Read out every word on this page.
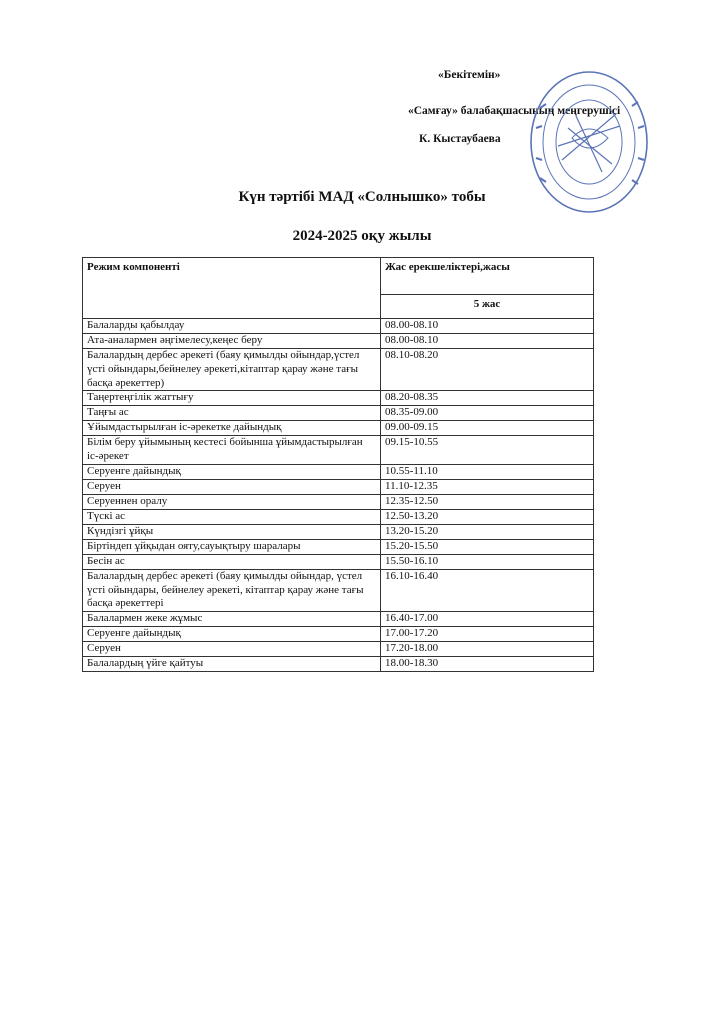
«Бекітемін»
«Самғау» балабақшасының меңгерушісі
К. Кыстаубаева
Күн тәртібі МАД «Солнышко» тобы
2024-2025 оқу жылы
Режим компоненті	Жас ерекшеліктері,жасы
	5 жас
Балаларды қабылдау	08.00-08.10
Ата-аналармен әңгімелесу,кеңес беру	08.00-08.10
Балалардың дербес әрекеті (баяу қимылды ойындар,үстел үсті ойындары,бейнелеу әрекеті,кітаптар қарау және тағы басқа әрекеттер)	08.10-08.20
Таңертеңгілік жаттығу	08.20-08.35
Таңғы ас	08.35-09.00
Ұйымдастырылған іс-әрекетке дайындық	09.00-09.15
Білім беру ұйымының кестесі бойынша ұйымдастырылған іс-әрекет	09.15-10.55
Серуенге дайындық	10.55-11.10
Серуен	11.10-12.35
Серуеннен оралу	12.35-12.50
Түскі ас	12.50-13.20
Күндізгі ұйқы	13.20-15.20
Біртіндеп ұйқыдан ояту,сауықтыру шаралары	15.20-15.50
Бесін ас	15.50-16.10
Балалардың дербес әрекеті (баяу қимылды ойындар, үстел үсті ойындары, бейнелеу әрекеті, кітаптар қарау және тағы басқа әрекеттері	16.10-16.40
Балалармен жеке жұмыс	16.40-17.00
Серуенге дайындық	17.00-17.20
Серуен	17.20-18.00
Балалардың үйге қайтуы	18.00-18.30
